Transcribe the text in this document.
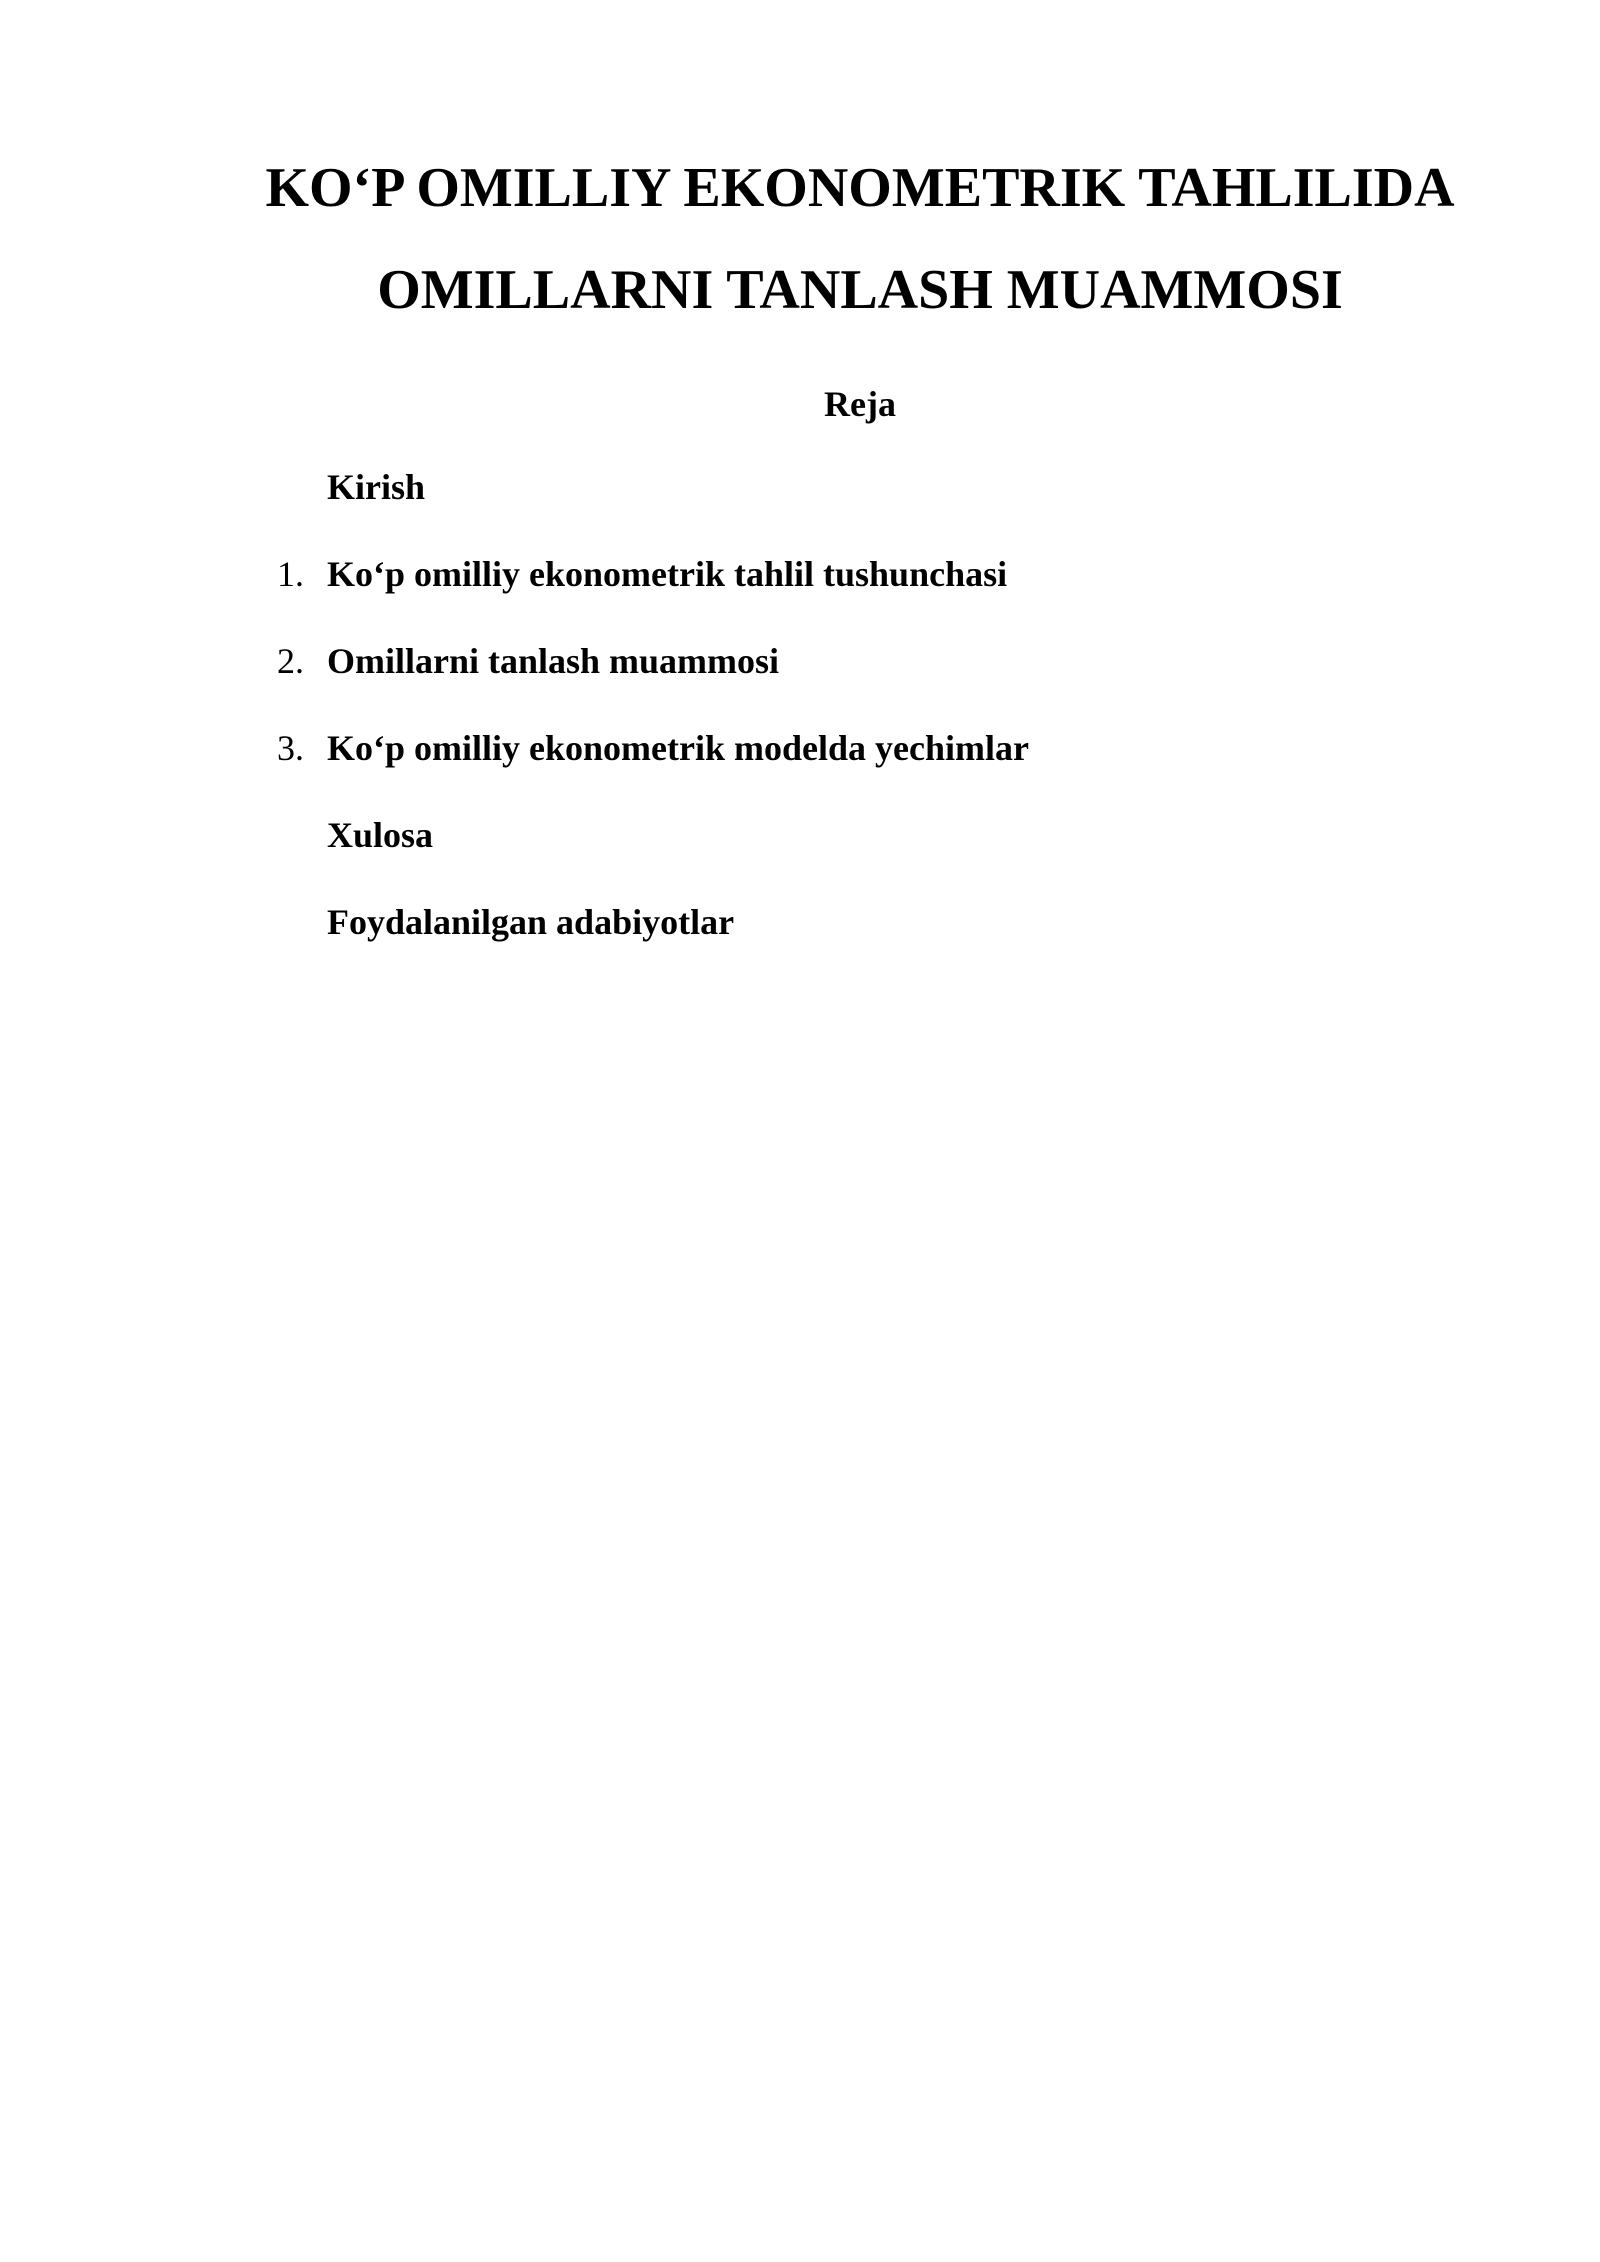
KO‘P OMILLIY EKONOMETRIK TAHLILIDA
OMILLARNI TANLASH MUAMMOSI
Reja
Kirish
1. Ko‘p omilliy ekonometrik tahlil tushunchasi
2. Omillarni tanlash muammosi
3. Ko‘p omilliy ekonometrik modelda yechimlar
Xulosa
Foydalanilgan adabiyotlar
